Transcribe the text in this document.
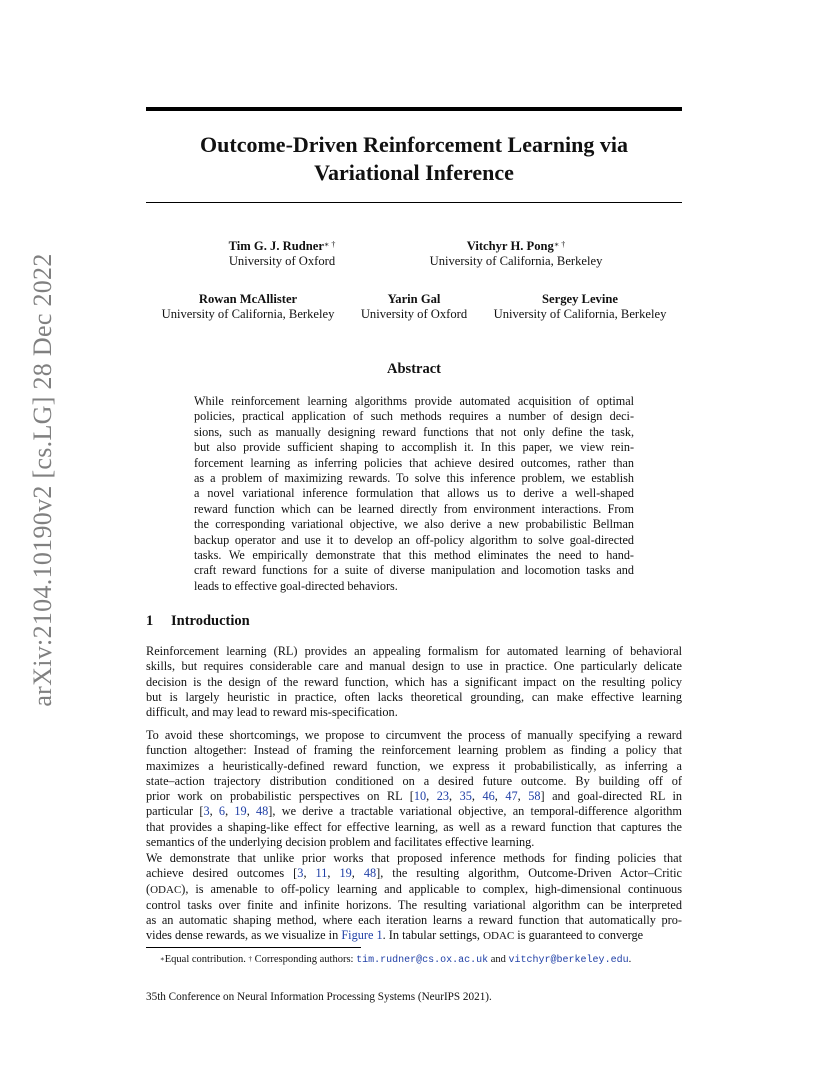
arXiv:2104.10190v2 [cs.LG] 28 Dec 2022
Outcome-Driven Reinforcement Learning via
Variational Inference
Tim G. J. Rudner∗ †
University of Oxford
Vitchyr H. Pong∗ †
University of California, Berkeley
Rowan McAllister
University of California, Berkeley
Yarin Gal
University of Oxford
Sergey Levine
University of California, Berkeley
Abstract
While reinforcement learning algorithms provide automated acquisition of optimal
policies, practical application of such methods requires a number of design deci-
sions, such as manually designing reward functions that not only define the task,
but also provide sufficient shaping to accomplish it. In this paper, we view rein-
forcement learning as inferring policies that achieve desired outcomes, rather than
as a problem of maximizing rewards. To solve this inference problem, we establish
a novel variational inference formulation that allows us to derive a well-shaped
reward function which can be learned directly from environment interactions. From
the corresponding variational objective, we also derive a new probabilistic Bellman
backup operator and use it to develop an off-policy algorithm to solve goal-directed
tasks. We empirically demonstrate that this method eliminates the need to hand-
craft reward functions for a suite of diverse manipulation and locomotion tasks and
leads to effective goal-directed behaviors.
1 Introduction
Reinforcement learning (RL) provides an appealing formalism for automated learning of behavioral
skills, but requires considerable care and manual design to use in practice. One particularly delicate
decision is the design of the reward function, which has a significant impact on the resulting policy
but is largely heuristic in practice, often lacks theoretical grounding, can make effective learning
difficult, and may lead to reward mis-specification.
To avoid these shortcomings, we propose to circumvent the process of manually specifying a reward
function altogether: Instead of framing the reinforcement learning problem as finding a policy that
maximizes a heuristically-defined reward function, we express it probabilistically, as inferring a
state–action trajectory distribution conditioned on a desired future outcome. By building off of
prior work on probabilistic perspectives on RL [10, 23, 35, 46, 47, 58] and goal-directed RL in
particular [3, 6, 19, 48], we derive a tractable variational objective, an temporal-difference algorithm
that provides a shaping-like effect for effective learning, as well as a reward function that captures the
semantics of the underlying decision problem and facilitates effective learning.
We demonstrate that unlike prior works that proposed inference methods for finding policies that
achieve desired outcomes [3, 11, 19, 48], the resulting algorithm, Outcome-Driven Actor–Critic
(ODAC), is amenable to off-policy learning and applicable to complex, high-dimensional continuous
control tasks over finite and infinite horizons. The resulting variational algorithm can be interpreted
as an automatic shaping method, where each iteration learns a reward function that automatically pro-
vides dense rewards, as we visualize in Figure 1. In tabular settings, ODAC is guaranteed to converge
∗Equal contribution. † Corresponding authors: tim.rudner@cs.ox.ac.uk and vitchyr@berkeley.edu.
35th Conference on Neural Information Processing Systems (NeurIPS 2021).
